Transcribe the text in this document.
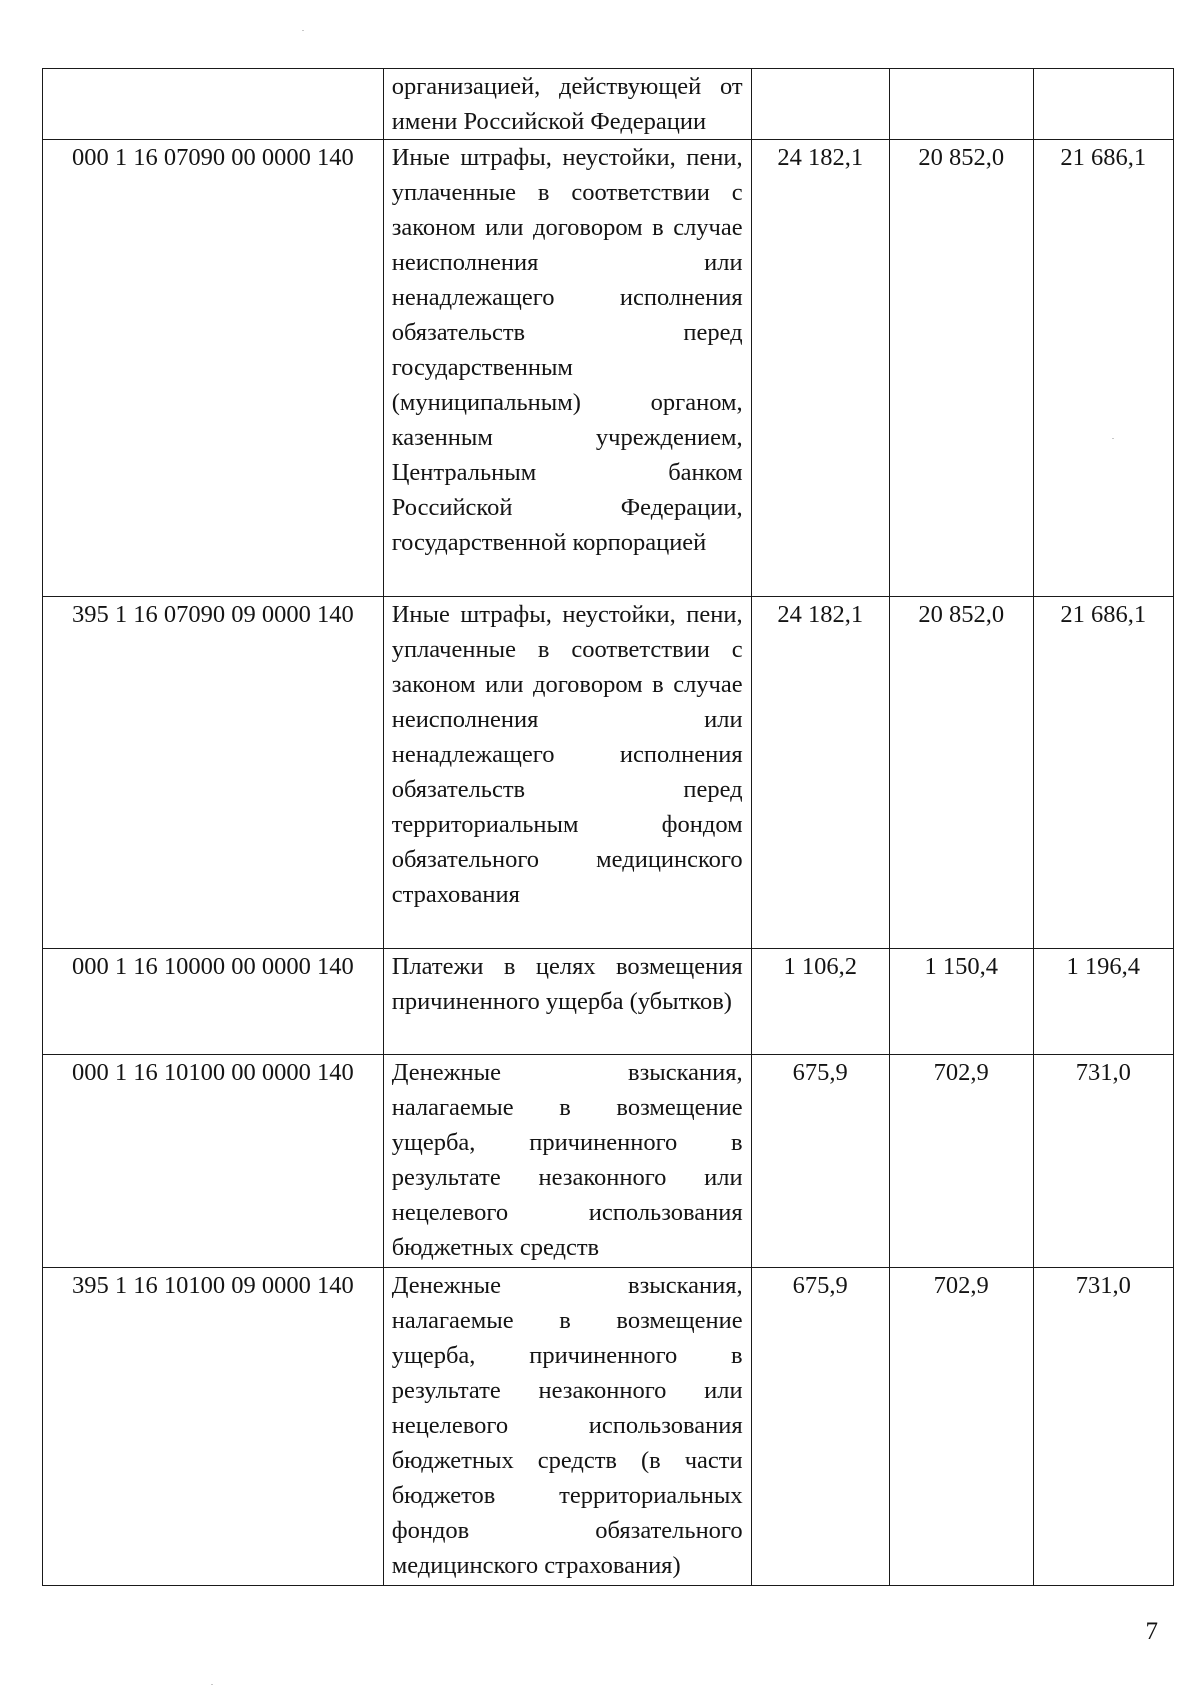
	организацией, действующей от имени Российской Федерации			
000 1 16 07090 00 0000 140	Иные штрафы, неустойки, пени, уплаченные в соответствии с законом или договором в случае неисполнения или ненадлежащего исполнения обязательств перед государственным (муниципальным) органом, казенным учреждением, Центральным банком Российской Федерации, государственной корпорацией	24 182,1	20 852,0	21 686,1
395 1 16 07090 09 0000 140	Иные штрафы, неустойки, пени, уплаченные в соответствии с законом или договором в случае неисполнения или ненадлежащего исполнения обязательств перед территориальным фондом обязательного медицинского страхования	24 182,1	20 852,0	21 686,1
000 1 16 10000 00 0000 140	Платежи в целях возмещения причиненного ущерба (убытков)	1 106,2	1 150,4	1 196,4
000 1 16 10100 00 0000 140	Денежные взыскания, налагаемые в возмещение ущерба, причиненного в результате незаконного или нецелевого использования бюджетных средств	675,9	702,9	731,0
395 1 16 10100 09 0000 140	Денежные взыскания, налагаемые в возмещение ущерба, причиненного в результате незаконного или нецелевого использования бюджетных средств (в части бюджетов территориальных фондов обязательного медицинского страхования)	675,9	702,9	731,0
7
